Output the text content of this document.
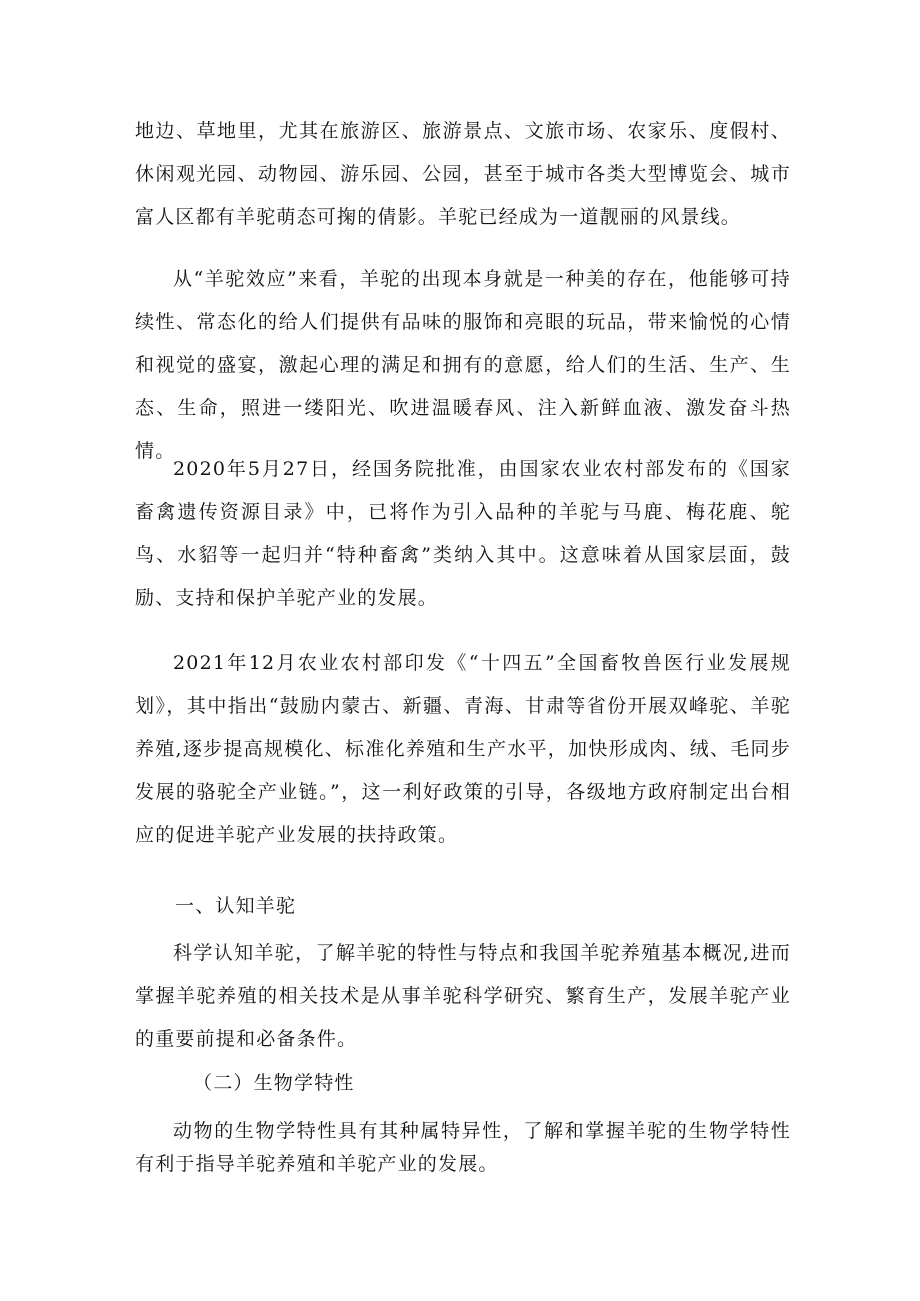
地边、草地里，尤其在旅游区、旅游景点、文旅市场、农家乐、度假村、休闲观光园、动物园、游乐园、公园，甚至于城市各类大型博览会、城市富人区都有羊驼萌态可掬的倩影。羊驼已经成为一道靓丽的风景线。

从“羊驼效应”来看，羊驼的出现本身就是一种美的存在，他能够可持续性、常态化的给人们提供有品味的服饰和亮眼的玩品，带来愉悦的心情和视觉的盛宴，激起心理的满足和拥有的意愿，给人们的生活、生产、生态、生命，照进一缕阳光、吹进温暖春风、注入新鲜血液、激发奋斗热情。

2020年5月27日，经国务院批准，由国家农业农村部发布的《国家畜禽遗传资源目录》中，已将作为引入品种的羊驼与马鹿、梅花鹿、鸵鸟、水貂等一起归并“特种畜禽”类纳入其中。这意味着从国家层面，鼓励、支持和保护羊驼产业的发展。

2021年12月农业农村部印发《“十四五”全国畜牧兽医行业发展规划》，其中指出“鼓励内蒙古、新疆、青海、甘肃等省份开展双峰驼、羊驼养殖,逐步提高规模化、标准化养殖和生产水平，加快形成肉、绒、毛同步发展的骆驼全产业链。”，这一利好政策的引导，各级地方政府制定出台相应的促进羊驼产业发展的扶持政策。

一、认知羊驼

科学认知羊驼，了解羊驼的特性与特点和我国羊驼养殖基本概况,进而掌握羊驼养殖的相关技术是从事羊驼科学研究、繁育生产，发展羊驼产业的重要前提和必备条件。

（二）生物学特性

动物的生物学特性具有其种属特异性，了解和掌握羊驼的生物学特性有利于指导羊驼养殖和羊驼产业的发展。
